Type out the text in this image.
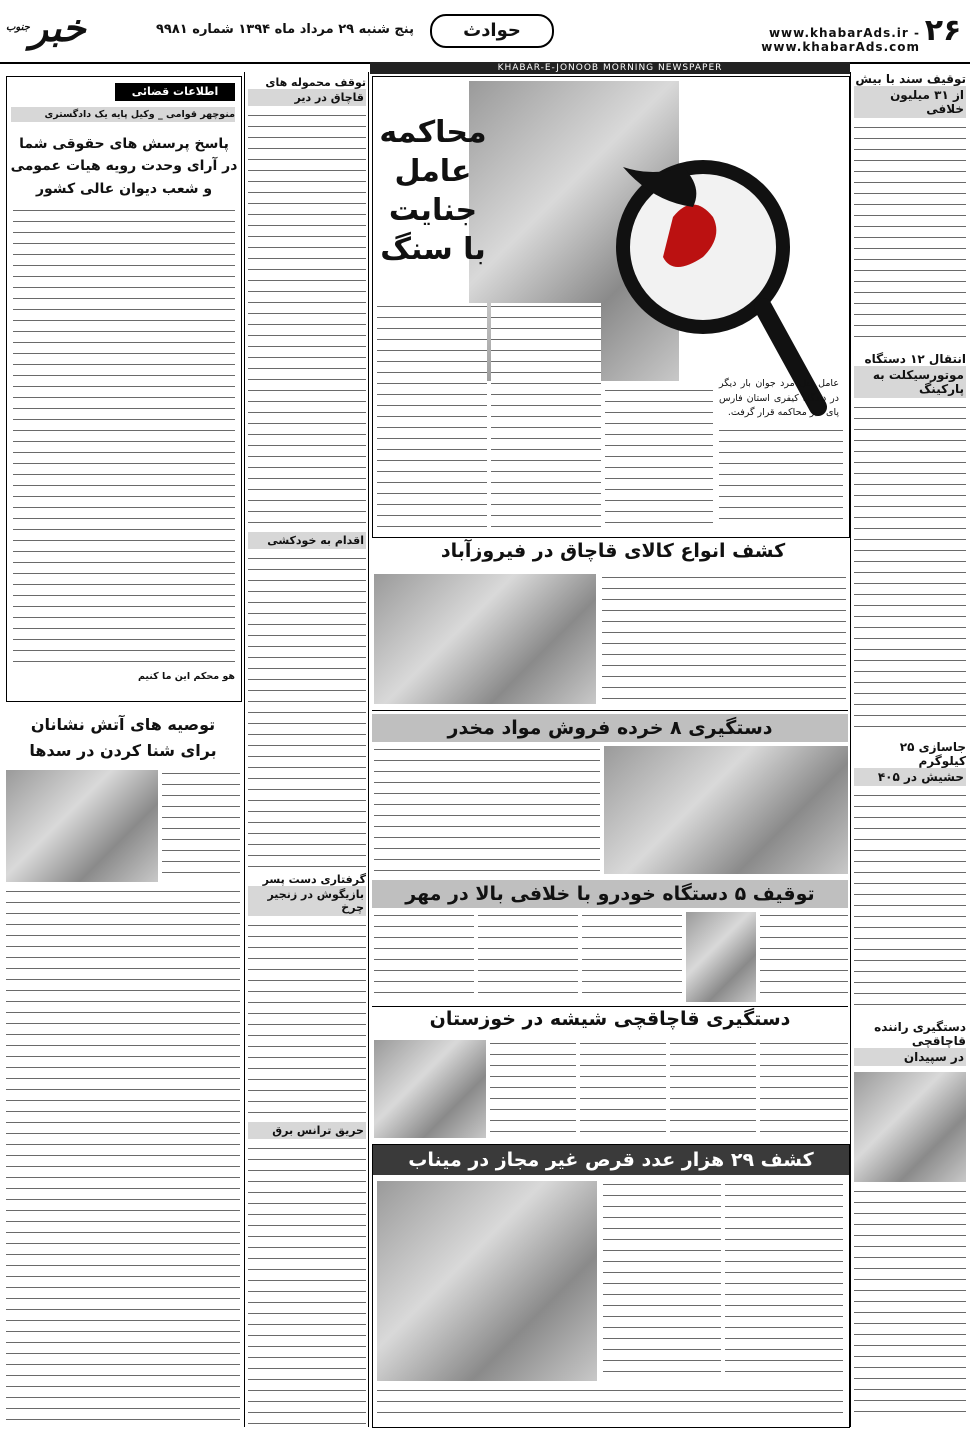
خبر$^{جنوب}$	پنج شنبه ۲۹ مرداد ماه ۱۳۹۴ شماره ۹۹۸۱	حوادث	www.khabarAds.ir - www.khabarAds.com ۲۶
KHABAR-E-JONOOB MORNING NEWSPAPER
توقیف سند با بیش
از ۳۱ میلیون خلافی
انتقال ۱۲ دستگاه
موتورسیکلت به پارکینگ
جاسازی ۲۵ کیلوگرم
حشیش در ۴۰۵
دستگیری راننده قاچاقچی
در سپیدان
محاکمه
عامل جنایت
با سنگ
عامل قتل مرد جوان بار دیگر در دادگاه کیفری استان فارس پای میز محاکمه قرار گرفت.
کشف انواع کالای قاچاق در فیروزآباد
دستگیری ۸ خرده فروش مواد مخدر
توقیف ۵ دستگاه خودرو با خلافی بالا در مهر
دستگیری قاچاقچی شیشه در خوزستان
کشف ۲۹ هزار عدد قرص غیر مجاز در میناب
توقف محموله های
قاچاق در دیر
اقدام به خودکشی
گرفتاری دست پسر
بازیگوش در زنجیر چرخ
حریق ترانس برق
اطلاعات قضائی
منوچهر قوامی _ وکیل پایه یک دادگستری
پاسخ پرسش های حقوقی شما
در آرای وحدت رویه هیات عمومی
و شعب دیوان عالی کشور
هو محکم این ما کنیم
توصیه های آتش نشانان
برای شنا کردن در سدها
